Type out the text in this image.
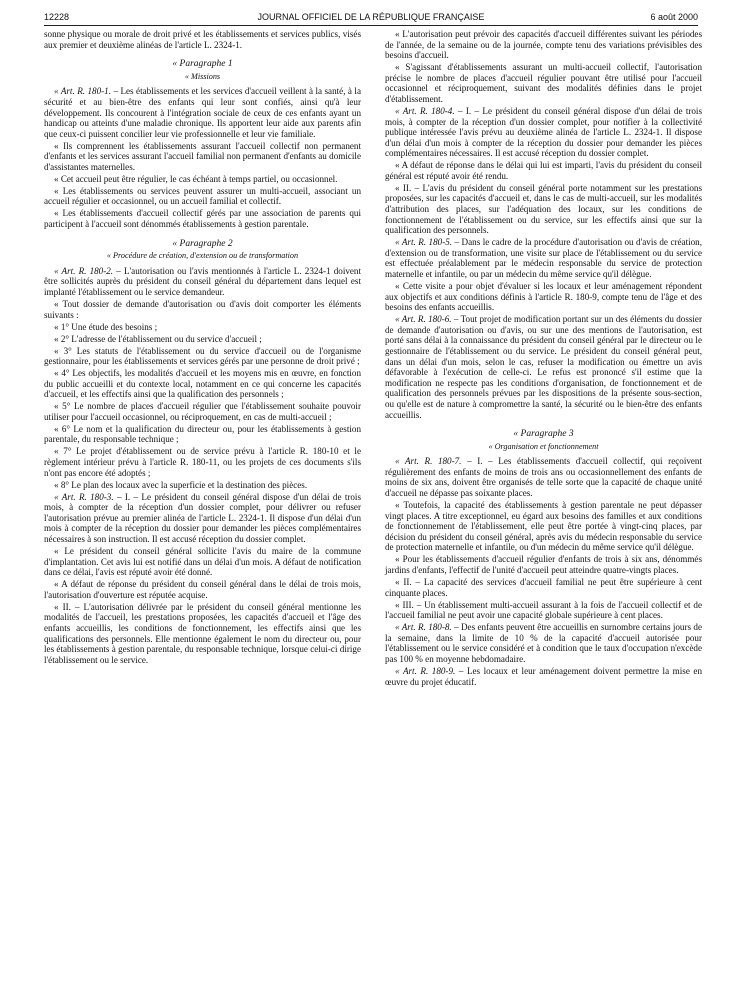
12228	JOURNAL OFFICIEL DE LA RÉPUBLIQUE FRANÇAISE	6 août 2000

sonne physique ou morale de droit privé et les établissements et services publics, visés aux premier et deuxième alinéas de l'article L. 2324-1.

« Paragraphe 1
« Missions

« Art. R. 180-1. – Les établissements et les services d'accueil veillent à la santé, à la sécurité et au bien-être des enfants qui leur sont confiés, ainsi qu'à leur développement. Ils concourent à l'intégration sociale de ceux de ces enfants ayant un handicap ou atteints d'une maladie chronique. Ils apportent leur aide aux parents afin que ceux-ci puissent concilier leur vie professionnelle et leur vie familiale.

« Ils comprennent les établissements assurant l'accueil collectif non permanent d'enfants et les services assurant l'accueil familial non permanent d'enfants au domicile d'assistantes maternelles.

« Cet accueil peut être régulier, le cas échéant à temps partiel, ou occasionnel.

« Les établissements ou services peuvent assurer un multi-accueil, associant un accueil régulier et occasionnel, ou un accueil familial et collectif.

« Les établissements d'accueil collectif gérés par une association de parents qui participent à l'accueil sont dénommés établissements à gestion parentale.

« Paragraphe 2
« Procédure de création, d'extension ou de transformation

« Art. R. 180-2. – L'autorisation ou l'avis mentionnés à l'article L. 2324-1 doivent être sollicités auprès du président du conseil général du département dans lequel est implanté l'établissement ou le service demandeur.

« Tout dossier de demande d'autorisation ou d'avis doit comporter les éléments suivants :

« 1° Une étude des besoins ;

« 2° L'adresse de l'établissement ou du service d'accueil ;

« 3° Les statuts de l'établissement ou du service d'accueil ou de l'organisme gestionnaire, pour les établissements et services gérés par une personne de droit privé ;

« 4° Les objectifs, les modalités d'accueil et les moyens mis en œuvre, en fonction du public accueilli et du contexte local, notamment en ce qui concerne les capacités d'accueil, et les effectifs ainsi que la qualification des personnels ;

« 5° Le nombre de places d'accueil régulier que l'établissement souhaite pouvoir utiliser pour l'accueil occasionnel, ou réciproquement, en cas de multi-accueil ;

« 6° Le nom et la qualification du directeur ou, pour les établissements à gestion parentale, du responsable technique ;

« 7° Le projet d'établissement ou de service prévu à l'article R. 180-10 et le règlement intérieur prévu à l'article R. 180-11, ou les projets de ces documents s'ils n'ont pas encore été adoptés ;

« 8° Le plan des locaux avec la superficie et la destination des pièces.

« Art. R. 180-3. – I. – Le président du conseil général dispose d'un délai de trois mois, à compter de la réception d'un dossier complet, pour délivrer ou refuser l'autorisation prévue au premier alinéa de l'article L. 2324-1. Il dispose d'un délai d'un mois à compter de la réception du dossier pour demander les pièces complémentaires nécessaires à son instruction. Il est accusé réception du dossier complet.

« Le président du conseil général sollicite l'avis du maire de la commune d'implantation. Cet avis lui est notifié dans un délai d'un mois. A défaut de notification dans ce délai, l'avis est réputé avoir été donné.

« A défaut de réponse du président du conseil général dans le délai de trois mois, l'autorisation d'ouverture est réputée acquise.

« II. – L'autorisation délivrée par le président du conseil général mentionne les modalités de l'accueil, les prestations proposées, les capacités d'accueil et l'âge des enfants accueillis, les conditions de fonctionnement, les effectifs ainsi que les qualifications des personnels. Elle mentionne également le nom du directeur ou, pour les établissements à gestion parentale, du responsable technique, lorsque celui-ci dirige l'établissement ou le service.

« L'autorisation peut prévoir des capacités d'accueil différentes suivant les périodes de l'année, de la semaine ou de la journée, compte tenu des variations prévisibles des besoins d'accueil.

« S'agissant d'établissements assurant un multi-accueil collectif, l'autorisation précise le nombre de places d'accueil régulier pouvant être utilisé pour l'accueil occasionnel et réciproquement, suivant des modalités définies dans le projet d'établissement.

« Art. R. 180-4. – I. – Le président du conseil général dispose d'un délai de trois mois, à compter de la réception d'un dossier complet, pour notifier à la collectivité publique intéressée l'avis prévu au deuxième alinéa de l'article L. 2324-1. Il dispose d'un délai d'un mois à compter de la réception du dossier pour demander les pièces complémentaires nécessaires. Il est accusé réception du dossier complet.

« A défaut de réponse dans le délai qui lui est imparti, l'avis du président du conseil général est réputé avoir été rendu.

« II. – L'avis du président du conseil général porte notamment sur les prestations proposées, sur les capacités d'accueil et, dans le cas de multi-accueil, sur les modalités d'attribution des places, sur l'adéquation des locaux, sur les conditions de fonctionnement de l'établissement ou du service, sur les effectifs ainsi que sur la qualification des personnels.

« Art. R. 180-5. – Dans le cadre de la procédure d'autorisation ou d'avis de création, d'extension ou de transformation, une visite sur place de l'établissement ou du service est effectuée préalablement par le médecin responsable du service de protection maternelle et infantile, ou par un médecin du même service qu'il délègue.

« Cette visite a pour objet d'évaluer si les locaux et leur aménagement répondent aux objectifs et aux conditions définis à l'article R. 180-9, compte tenu de l'âge et des besoins des enfants accueillis.

« Art. R. 180-6. – Tout projet de modification portant sur un des éléments du dossier de demande d'autorisation ou d'avis, ou sur une des mentions de l'autorisation, est porté sans délai à la connaissance du président du conseil général par le directeur ou le gestionnaire de l'établissement ou du service. Le président du conseil général peut, dans un délai d'un mois, selon le cas, refuser la modification ou émettre un avis défavorable à l'exécution de celle-ci. Le refus est prononcé s'il estime que la modification ne respecte pas les conditions d'organisation, de fonctionnement et de qualification des personnels prévues par les dispositions de la présente sous-section, ou qu'elle est de nature à compromettre la santé, la sécurité ou le bien-être des enfants accueillis.

« Paragraphe 3
« Organisation et fonctionnement

« Art. R. 180-7. – I. – Les établissements d'accueil collectif, qui reçoivent régulièrement des enfants de moins de trois ans ou occasionnellement des enfants de moins de six ans, doivent être organisés de telle sorte que la capacité de chaque unité d'accueil ne dépasse pas soixante places.

« Toutefois, la capacité des établissements à gestion parentale ne peut dépasser vingt places. A titre exceptionnel, eu égard aux besoins des familles et aux conditions de fonctionnement de l'établissement, elle peut être portée à vingt-cinq places, par décision du président du conseil général, après avis du médecin responsable du service de protection maternelle et infantile, ou d'un médecin du même service qu'il délègue.

« Pour les établissements d'accueil régulier d'enfants de trois à six ans, dénommés jardins d'enfants, l'effectif de l'unité d'accueil peut atteindre quatre-vingts places.

« II. – La capacité des services d'accueil familial ne peut être supérieure à cent cinquante places.

« III. – Un établissement multi-accueil assurant à la fois de l'accueil collectif et de l'accueil familial ne peut avoir une capacité globale supérieure à cent places.

« Art. R. 180-8. – Des enfants peuvent être accueillis en surnombre certains jours de la semaine, dans la limite de 10 % de la capacité d'accueil autorisée pour l'établissement ou le service considéré et à condition que le taux d'occupation n'excède pas 100 % en moyenne hebdomadaire.

« Art. R. 180-9. – Les locaux et leur aménagement doivent permettre la mise en œuvre du projet éducatif.
